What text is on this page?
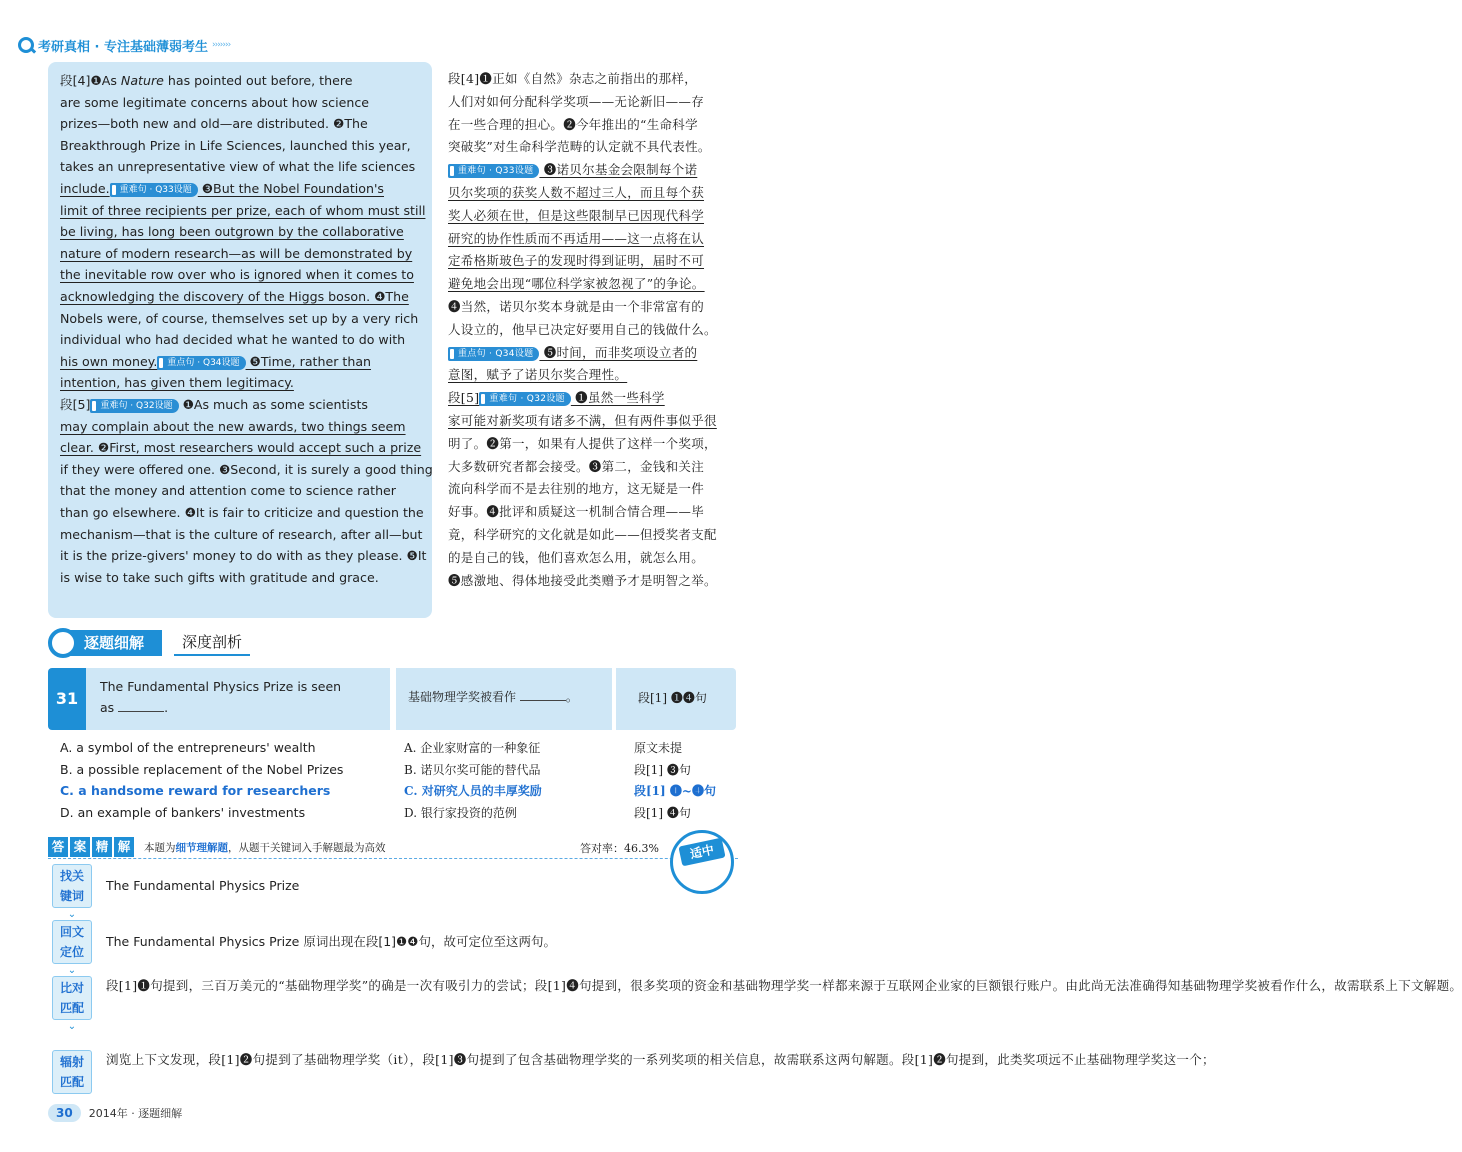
考研真相 · 专注基础薄弱考生 ›››››››
段[4]❶As Nature has pointed out before, there
are some legitimate concerns about how science
prizes—both new and old—are distributed. ❷The
Breakthrough Prize in Life Sciences, launched this year,
takes an unrepresentative view of what the life sciences
include. 重难句 · Q33设题 ❸But the Nobel Foundation's
limit of three recipients per prize, each of whom must still
be living, has long been outgrown by the collaborative
nature of modern research—as will be demonstrated by
the inevitable row over who is ignored when it comes to
acknowledging the discovery of the Higgs boson. ❹The
Nobels were, of course, themselves set up by a very rich
individual who had decided what he wanted to do with
his own money. 重点句 · Q34设题 ❺Time, rather than
intention, has given them legitimacy.
段[5] 重难句 · Q32设题 ❶As much as some scientists
may complain about the new awards, two things seem
clear. ❷First, most researchers would accept such a prize
if they were offered one. ❸Second, it is surely a good thing
that the money and attention come to science rather
than go elsewhere. ❹It is fair to criticize and question the
mechanism—that is the culture of research, after all—but
it is the prize-givers' money to do with as they please. ❺It
is wise to take such gifts with gratitude and grace.
段[4]❶正如《自然》杂志之前指出的那样，
人们对如何分配科学奖项——无论新旧——存
在一些合理的担心。❷今年推出的“生命科学
突破奖”对生命科学范畴的认定就不具代表性。
重难句 · Q33设题 ❸诺贝尔基金会限制每个诺
贝尔奖项的获奖人数不超过三人，而且每个获
奖人必须在世，但是这些限制早已因现代科学
研究的协作性质而不再适用——这一点将在认
定希格斯玻色子的发现时得到证明，届时不可
避免地会出现“哪位科学家被忽视了”的争论。
❹当然，诺贝尔奖本身就是由一个非常富有的
人设立的，他早已决定好要用自己的钱做什么。
重点句 · Q34设题 ❺时间，而非奖项设立者的
意图，赋予了诺贝尔奖合理性。
段[5] 重难句 · Q32设题 ❶虽然一些科学
家可能对新奖项有诸多不满，但有两件事似乎很
明了。❷第一，如果有人提供了这样一个奖项，
大多数研究者都会接受。❸第二，金钱和关注
流向科学而不是去往别的地方，这无疑是一件
好事。❹批评和质疑这一机制合情合理——毕
竟，科学研究的文化就是如此——但授奖者支配
的是自己的钱，他们喜欢怎么用，就怎么用。
❺感激地、得体地接受此类赠予才是明智之举。
逐题细解	深度剖析
31
The Fundamental Physics Prize is seen
as	.
基础物理学奖被看作	。	段[1] ❶❹句
A. a symbol of the entrepreneurs' wealth	A. 企业家财富的一种象征	原文未提
B. a possible replacement of the Nobel Prizes	B. 诺贝尔奖可能的替代品	段[1] ❸句
C. a handsome reward for researchers	C. 对研究人员的丰厚奖励	段[1] ❶~❹句
D. an example of bankers' investments	D. 银行家投资的范例	段[1] ❹句
答 案 精 解	本题为细节理解题，从题干关键词入手解题最为高效	答对率：46.3%	适中
找关
键词
⌄
The Fundamental Physics Prize
回文
定位
⌄
The Fundamental Physics Prize 原词出现在段[1]❶❹句，故可定位至这两句。
比对
匹配
⌄
段[1]❶句提到，三百万美元的“基础物理学奖”的确是一次有吸引力的尝试；段[1]❹句提到，很多奖项的资金和基础物理学奖一样都来源于互联网企业家的巨额银行账户。由此尚无法准确得知基础物理学奖被看作什么，故需联系上下文解题。
辐射
匹配
浏览上下文发现，段[1]❷句提到了基础物理学奖（it），段[1]❸句提到了包含基础物理学奖的一系列奖项的相关信息，故需联系这两句解题。段[1]❷句提到，此类奖项远不止基础物理学奖这一个；
30	2014年 · 逐题细解
